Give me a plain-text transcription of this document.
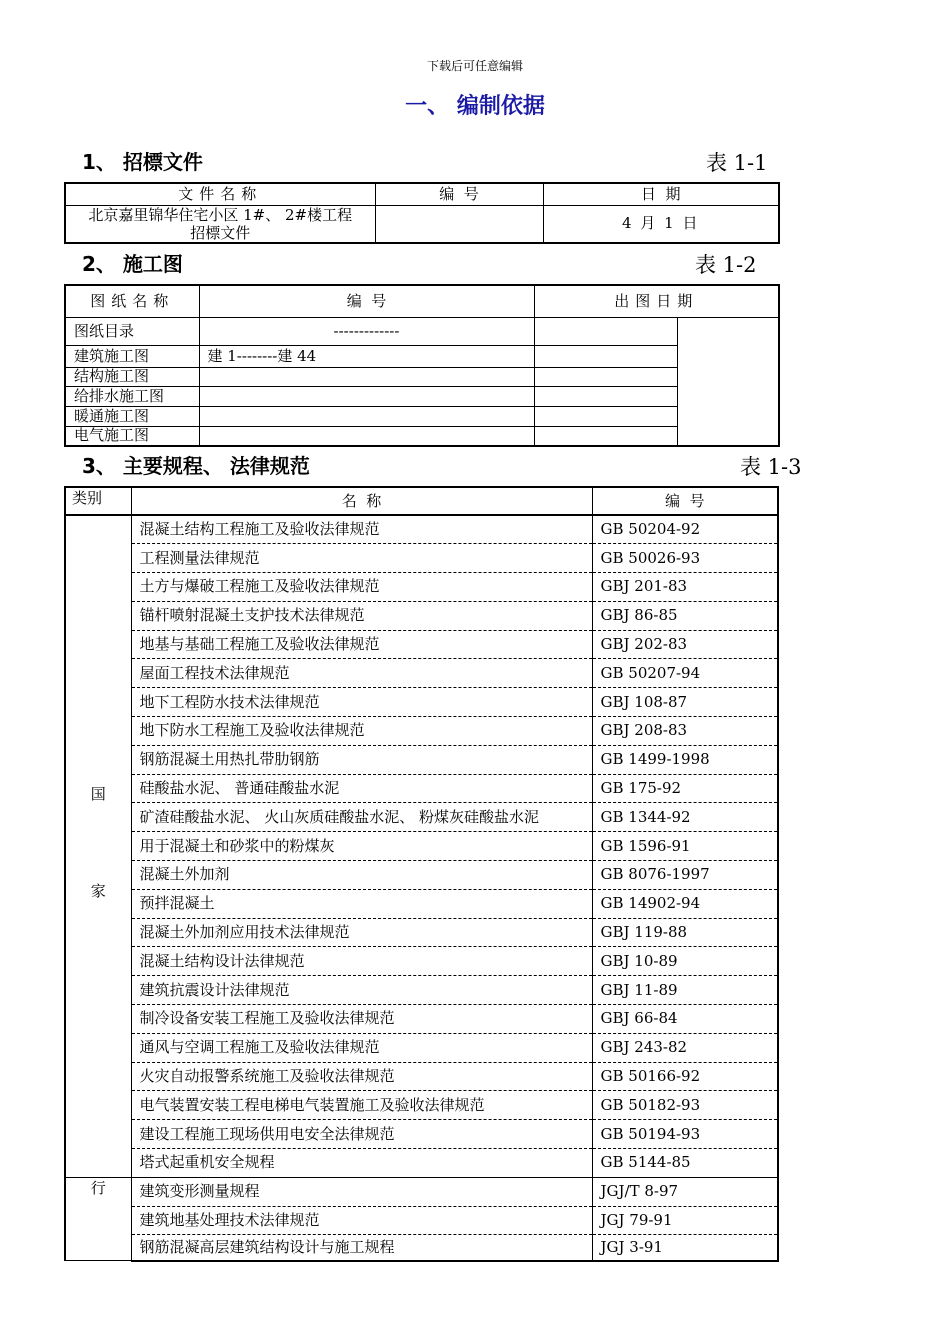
下载后可任意编辑
一、 编制依据
1、 招標文件	表 1-1
文件名称	编  号	日  期

北京嘉里锦华住宅小区 1#、 2#楼工程
招標文件		4 月 1 日
2、 施工图	表 1-2
图纸名称	编  号	出图日期	
图纸目录	-------------		
建筑施工图	建 1--------建 44		
结构施工图			
给排水施工图			
暖通施工图			
电气施工图			
3、 主要规程、 法律规范	表 1-3
类别	名  称	编  号

国
家	混凝土结构工程施工及验收法律规范	GB 50204-92
	工程测量法律规范	GB 50026-93
	土方与爆破工程施工及验收法律规范	GBJ 201-83
	锚杆喷射混凝土支护技术法律规范	GBJ 86-85
	地基与基础工程施工及验收法律规范	GBJ 202-83
	屋面工程技术法律规范	GB 50207-94
	地下工程防水技术法律规范	GBJ 108-87
	地下防水工程施工及验收法律规范	GBJ 208-83
	钢筋混凝土用热扎带肋钢筋	GB 1499-1998
	硅酸盐水泥、 普通硅酸盐水泥	GB 175-92
	矿渣硅酸盐水泥、 火山灰质硅酸盐水泥、 粉煤灰硅酸盐水泥	GB 1344-92
	用于混凝土和砂浆中的粉煤灰	GB 1596-91
	混凝土外加剂	GB 8076-1997
	预拌混凝土	GB 14902-94
	混凝土外加剂应用技术法律规范	GBJ 119-88
	混凝土结构设计法律规范	GBJ 10-89
	建筑抗震设计法律规范	GBJ 11-89
	制冷设备安装工程施工及验收法律规范	GBJ 66-84
	通风与空调工程施工及验收法律规范	GBJ 243-82
	火灾自动报警系统施工及验收法律规范	GB 50166-92
	电气装置安装工程电梯电气装置施工及验收法律规范	GB 50182-93
	建设工程施工现场供用电安全法律规范	GB 50194-93
	塔式起重机安全规程	GB 5144-85

行	建筑变形测量规程	JGJ/T 8-97
	建筑地基处理技术法律规范	JGJ 79-91
	钢筋混凝高层建筑结构设计与施工规程	JGJ 3-91
